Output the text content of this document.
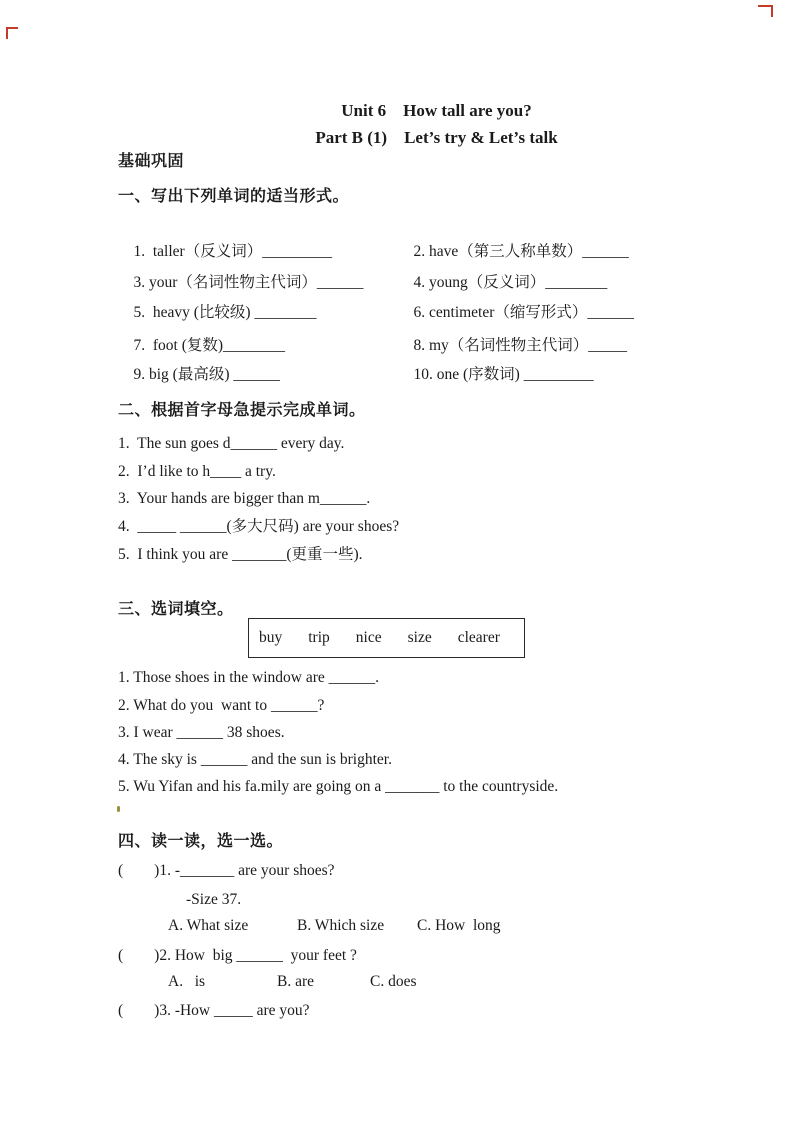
Unit 6    How tall are you?
Part B (1)    Let’s try & Let’s talk
基础巩固
一、写出下列单词的适当形式。

1.  taller（反义词）_________	2. have（第三人称单数）______

3. your（名词性物主代词）______	4. young（反义词）________

5.  heavy (比较级) ________	6. centimeter（缩写形式）______

7.  foot (复数)________	8. my（名词性物主代词）_____

9. big (最高级) ______	10. one (序数词) _________

二、根据首字母急提示完成单词。
1.  The sun goes d______ every day.
2.  I’d like to h____ a try.
3.  Your hands are bigger than m______.
4.  _____ ______(多大尺码) are your shoes?
5.  I think you are _______(更重一些).
三、选词填空。
buy trip nice size clearer
1. Those shoes in the window are ______.
2. What do you  want to ______?
3. I wear ______ 38 shoes.
4. The sky is ______ and the sun is brighter.
5. Wu Yifan and his fa.mily are going on a _______ to the countryside.
四、读一读，选一选。
(        )1. -_______ are your shoes?
-Size 37.
A. What size	B. Which size C. How  long
(        )2. How  big ______  your feet ?
A.   is	B. are	C. does
(        )3. -How _____ are you?
